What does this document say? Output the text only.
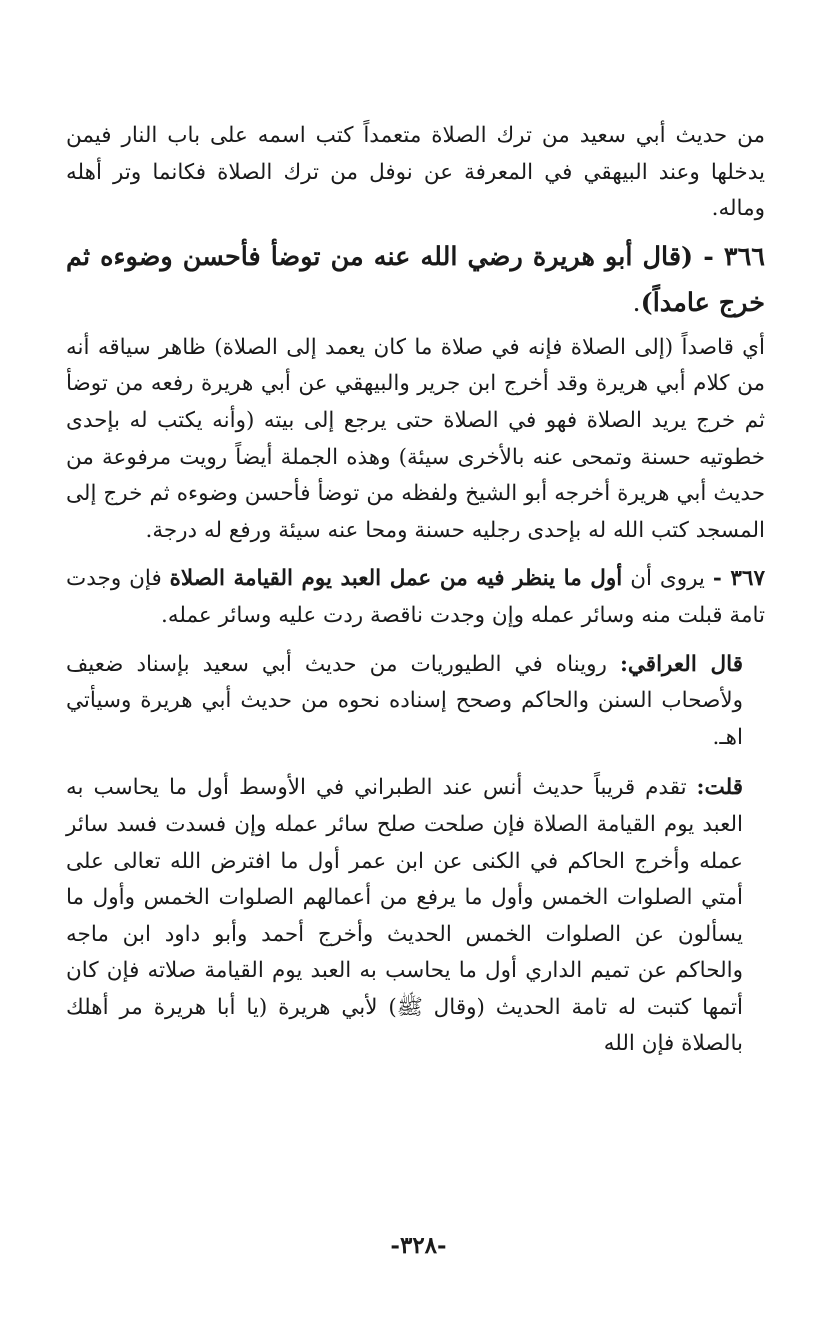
من حديث أبي سعيد من ترك الصلاة متعمداً كتب اسمه على باب النار فيمن يدخلها وعند البيهقي في المعرفة عن نوفل من ترك الصلاة فكانما وتر أهله وماله.

٣٦٦ - (قال أبو هريرة رضي الله عنه من توضأ فأحسن وضوءه ثم خرج عامداً).

أي قاصداً (إلى الصلاة فإنه في صلاة ما كان يعمد إلى الصلاة) ظاهر سياقه أنه من كلام أبي هريرة وقد أخرج ابن جرير والبيهقي عن أبي هريرة رفعه من توضأ ثم خرج يريد الصلاة فهو في الصلاة حتى يرجع إلى بيته (وأنه يكتب له بإحدى خطوتيه حسنة وتمحى عنه بالأخرى سيئة) وهذه الجملة أيضاً رويت مرفوعة من حديث أبي هريرة أخرجه أبو الشيخ ولفظه من توضأ فأحسن وضوءه ثم خرج إلى المسجد كتب الله له بإحدى رجليه حسنة ومحا عنه سيئة ورفع له درجة.

٣٦٧ - يروى أن أول ما ينظر فيه من عمل العبد يوم القيامة الصلاة فإن وجدت تامة قبلت منه وسائر عمله وإن وجدت ناقصة ردت عليه وسائر عمله.

قال العراقي: رويناه في الطيوريات من حديث أبي سعيد بإسناد ضعيف ولأصحاب السنن والحاكم وصحح إسناده نحوه من حديث أبي هريرة وسيأتي اهـ.

قلت: تقدم قريباً حديث أنس عند الطبراني في الأوسط أول ما يحاسب به العبد يوم القيامة الصلاة فإن صلحت صلح سائر عمله وإن فسدت فسد سائر عمله وأخرج الحاكم في الكنى عن ابن عمر أول ما افترض الله تعالى على أمتي الصلوات الخمس وأول ما يرفع من أعمالهم الصلوات الخمس وأول ما يسألون عن الصلوات الخمس الحديث وأخرج أحمد وأبو داود ابن ماجه والحاكم عن تميم الداري أول ما يحاسب به العبد يوم القيامة صلاته فإن كان أتمها كتبت له تامة الحديث (وقال ﷺ) لأبي هريرة (يا أبا هريرة مر أهلك بالصلاة فإن الله

-٣٢٨-
